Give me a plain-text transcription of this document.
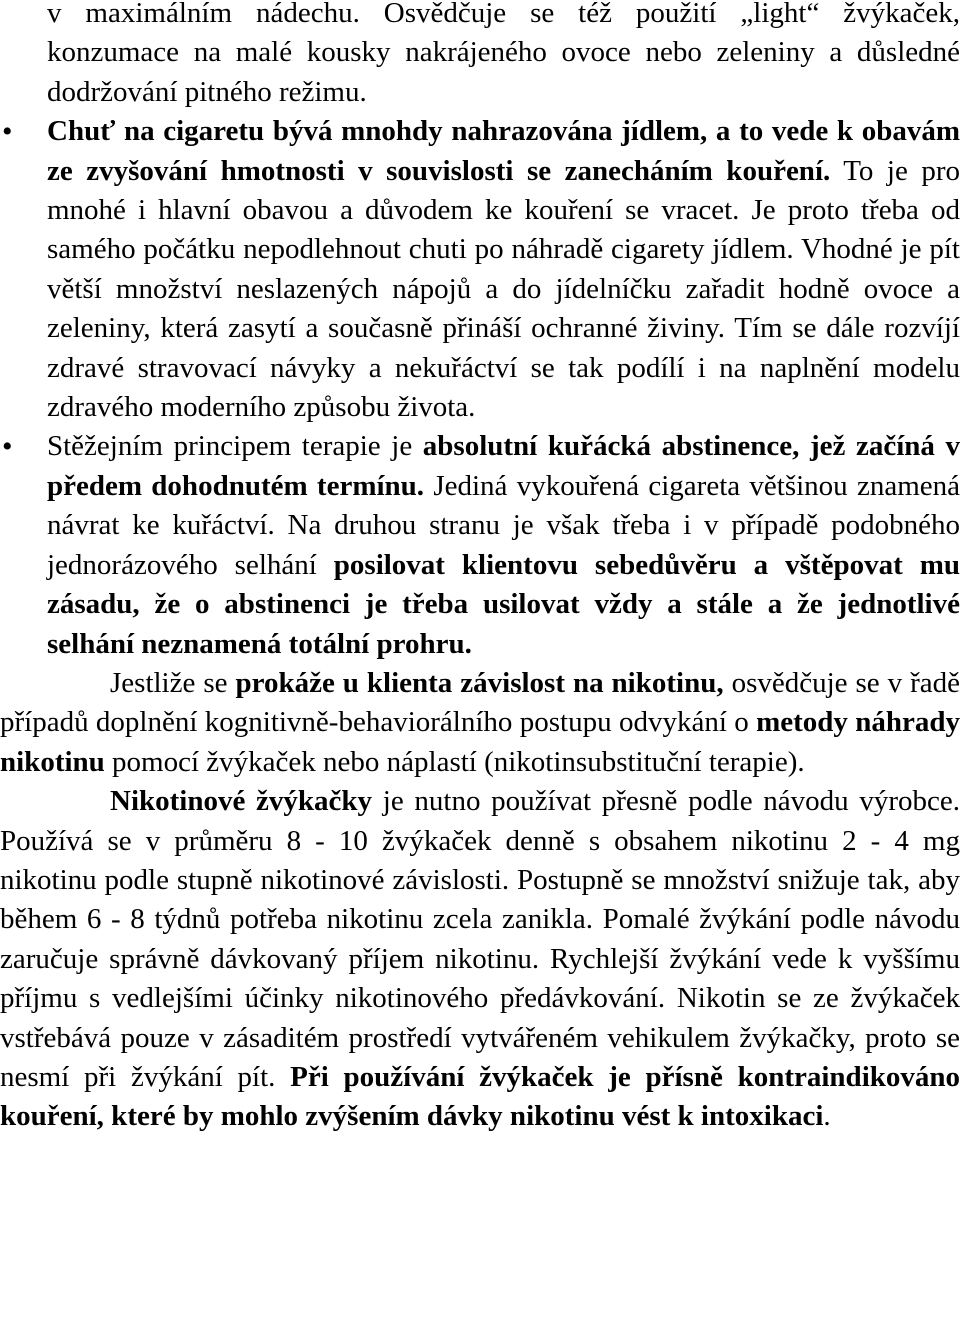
v maximálním nádechu. Osvědčuje se též použití „light“ žvýkaček, konzumace na malé kousky nakrájeného ovoce nebo zeleniny a důsledné dodržování pitného režimu.
• Chuť na cigaretu bývá mnohdy nahrazována jídlem, a to vede k obavám ze zvyšování hmotnosti v souvislosti se zanecháním kouření. To je pro mnohé i hlavní obavou a důvodem ke kouření se vracet. Je proto třeba od samého počátku nepodlehnout chuti po náhradě cigarety jídlem. Vhodné je pít větší množství neslazených nápojů a do jídelníčku zařadit hodně ovoce a zeleniny, která zasytí a současně přináší ochranné živiny. Tím se dále rozvíjí zdravé stravovací návyky a nekuřáctví se tak podílí i na naplnění modelu zdravého moderního způsobu života.
• Stěžejním principem terapie je absolutní kuřácká abstinence, jež začíná v předem dohodnutém termínu. Jediná vykouřená cigareta většinou znamená návrat ke kuřáctví. Na druhou stranu je však třeba i v případě podobného jednorázového selhání posilovat klientovu sebedůvěru a vštěpovat mu zásadu, že o abstinenci je třeba usilovat vždy a stále a že jednotlivé selhání neznamená totální prohru.

Jestliže se prokáže u klienta závislost na nikotinu, osvědčuje se v řadě případů doplnění kognitivně-behaviorálního postupu odvykání o metody náhrady nikotinu pomocí žvýkaček nebo náplastí (nikotinsubstituční terapie).

Nikotinové žvýkačky je nutno používat přesně podle návodu výrobce. Používá se v průměru 8 - 10 žvýkaček denně s obsahem nikotinu 2 - 4 mg nikotinu podle stupně nikotinové závislosti. Postupně se množství snižuje tak, aby během 6 - 8 týdnů potřeba nikotinu zcela zanikla. Pomalé žvýkání podle návodu zaručuje správně dávkovaný příjem nikotinu. Rychlejší žvýkání vede k vyššímu příjmu s vedlejšími účinky nikotinového předávkování. Nikotin se ze žvýkaček vstřebává pouze v zásaditém prostředí vytvářeném vehikulem žvýkačky, proto se nesmí při žvýkání pít. Při používání žvýkaček je přísně kontraindikováno kouření, které by mohlo zvýšením dávky nikotinu vést k intoxikaci.
